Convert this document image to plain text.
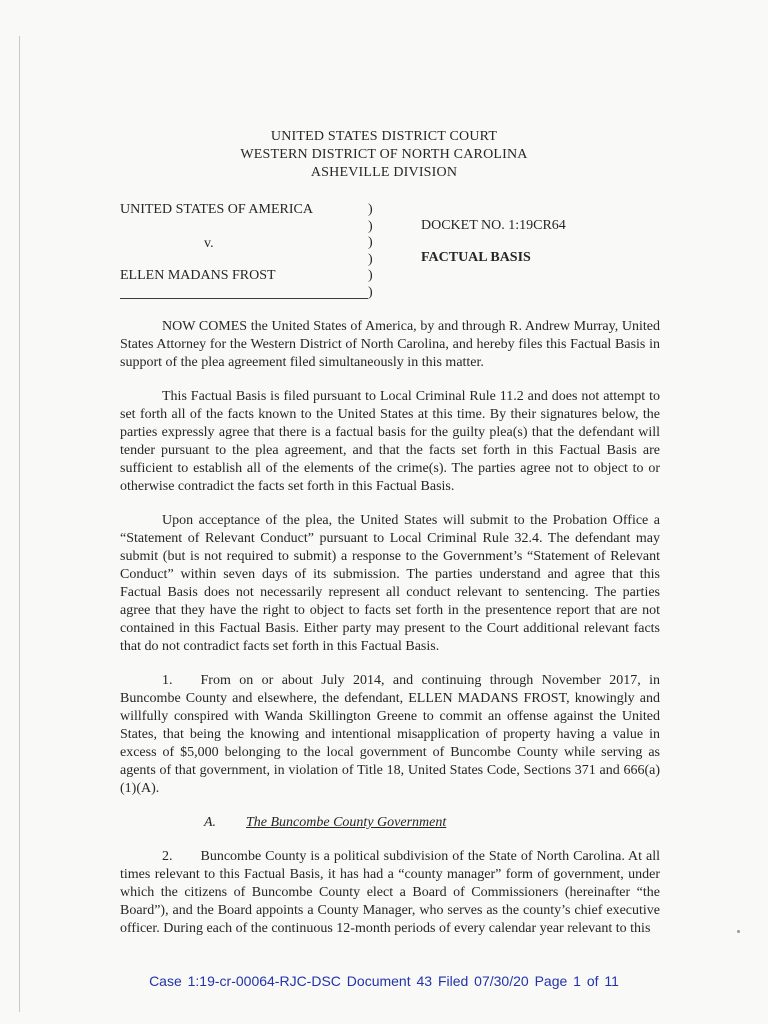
UNITED STATES DISTRICT COURT
WESTERN DISTRICT OF NORTH CAROLINA
ASHEVILLE DIVISION
UNITED STATES OF AMERICA
v.
ELLEN MADANS FROST
)
)
)
)
)
)
DOCKET NO. 1:19CR64
FACTUAL BASIS

NOW COMES the United States of America, by and through R. Andrew Murray, United States Attorney for the Western District of North Carolina, and hereby files this Factual Basis in support of the plea agreement filed simultaneously in this matter.

This Factual Basis is filed pursuant to Local Criminal Rule 11.2 and does not attempt to set forth all of the facts known to the United States at this time. By their signatures below, the parties expressly agree that there is a factual basis for the guilty plea(s) that the defendant will tender pursuant to the plea agreement, and that the facts set forth in this Factual Basis are sufficient to establish all of the elements of the crime(s). The parties agree not to object to or otherwise contradict the facts set forth in this Factual Basis.

Upon acceptance of the plea, the United States will submit to the Probation Office a “Statement of Relevant Conduct” pursuant to Local Criminal Rule 32.4. The defendant may submit (but is not required to submit) a response to the Government’s “Statement of Relevant Conduct” within seven days of its submission. The parties understand and agree that this Factual Basis does not necessarily represent all conduct relevant to sentencing. The parties agree that they have the right to object to facts set forth in the presentence report that are not contained in this Factual Basis. Either party may present to the Court additional relevant facts that do not contradict facts set forth in this Factual Basis.

1.  From on or about July 2014, and continuing through November 2017, in Buncombe County and elsewhere, the defendant, ELLEN MADANS FROST, knowingly and willfully conspired with Wanda Skillington Greene to commit an offense against the United States, that being the knowing and intentional misapplication of property having a value in excess of $5,000 belonging to the local government of Buncombe County while serving as agents of that government, in violation of Title 18, United States Code, Sections 371 and 666(a)(1)(A).

A. The Buncombe County Government

2.  Buncombe County is a political subdivision of the State of North Carolina. At all times relevant to this Factual Basis, it has had a “county manager” form of government, under which the citizens of Buncombe County elect a Board of Commissioners (hereinafter “the Board”), and the Board appoints a County Manager, who serves as the county’s chief executive officer. During each of the continuous 12-month periods of every calendar year relevant to this

Case 1:19-cr-00064-RJC-DSC Document 43 Filed 07/30/20 Page 1 of 11
